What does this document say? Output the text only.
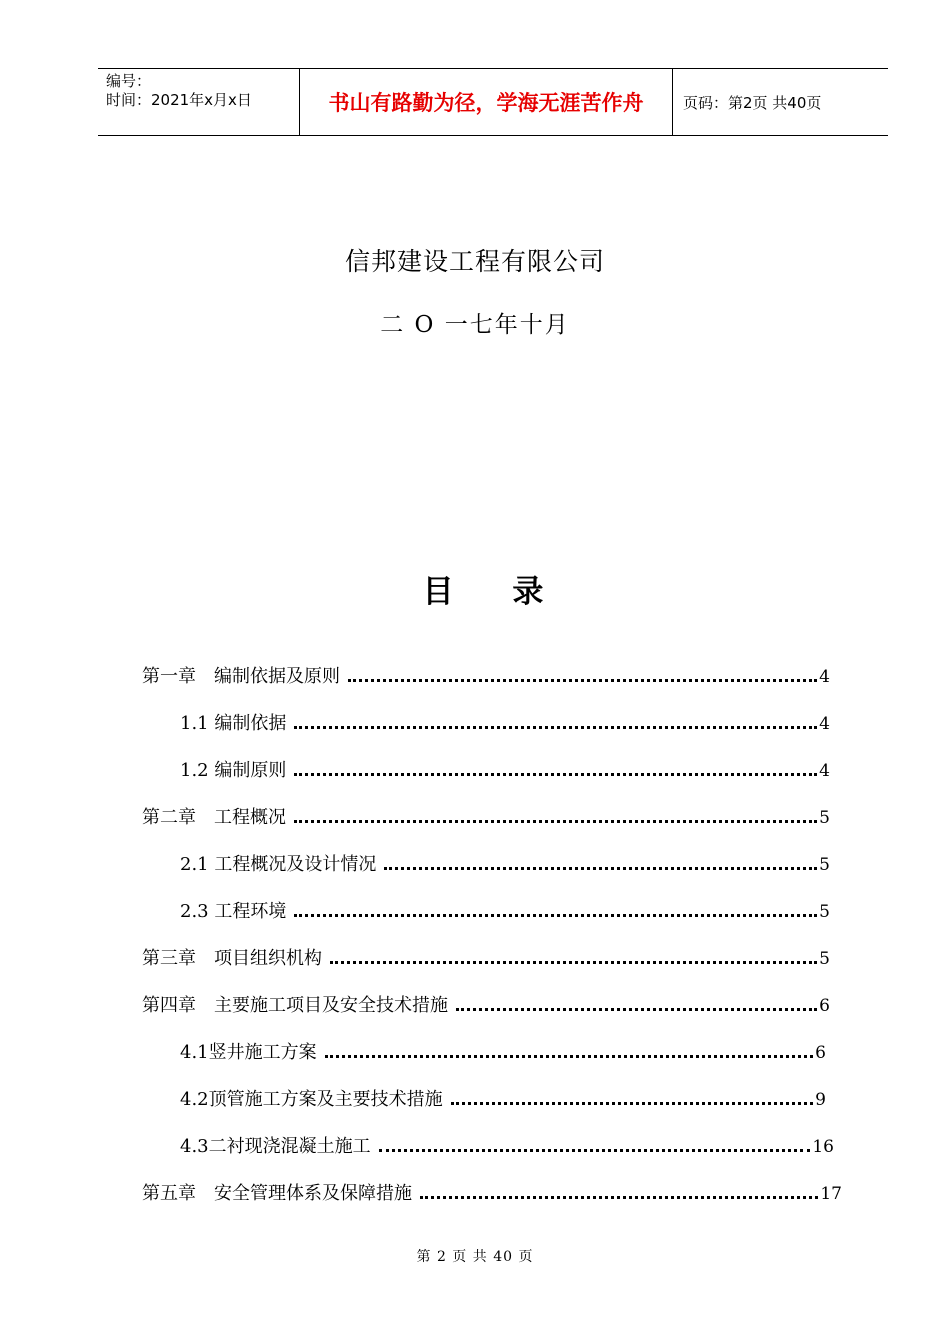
编号：
时间：2021年x月x日	书山有路勤为径，学海无涯苦作舟	页码：第2页 共40页
信邦建设工程有限公司
二 O 一七年十月
目 录
第一章　编制依据及原则	4
1.1 编制依据	4
1.2 编制原则	4
第二章　工程概况	5
2.1 工程概况及设计情况	5
2.3 工程环境	5
第三章　项目组织机构	5
第四章　主要施工项目及安全技术措施	6
4.1竖井施工方案	6
4.2顶管施工方案及主要技术措施	9
4.3二衬现浇混凝土施工	16
第五章　安全管理体系及保障措施	17
第 2 页 共 40 页
